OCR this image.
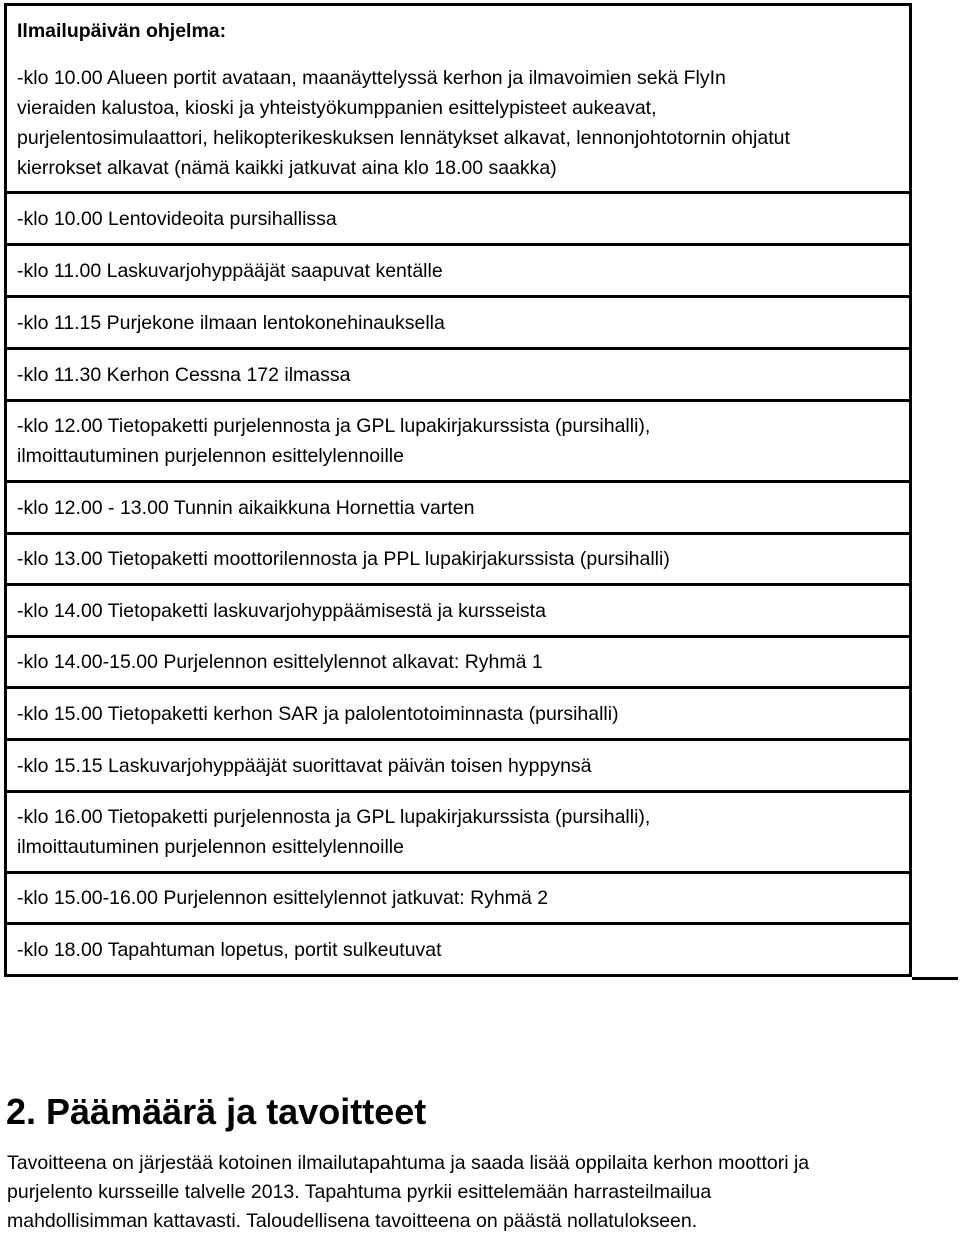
Ilmailupäivän ohjelma:
-klo 10.00 Alueen portit avataan, maanäyttelyssä kerhon ja ilmavoimien sekä FlyIn
vieraiden kalustoa, kioski ja yhteistyökumppanien esittelypisteet aukeavat,
purjelentosimulaattori, helikopterikeskuksen lennätykset alkavat, lennonjohtotornin ohjatut
kierrokset alkavat (nämä kaikki jatkuvat aina klo 18.00 saakka)
-klo 10.00 Lentovideoita pursihallissa
-klo 11.00 Laskuvarjohyppääjät saapuvat kentälle
-klo 11.15 Purjekone ilmaan lentokonehinauksella
-klo 11.30 Kerhon Cessna 172 ilmassa
-klo 12.00 Tietopaketti purjelennosta ja GPL lupakirjakurssista (pursihalli),
ilmoittautuminen purjelennon esittelylennoille
-klo 12.00 - 13.00 Tunnin aikaikkuna Hornettia varten
-klo 13.00 Tietopaketti moottorilennosta ja PPL lupakirjakurssista (pursihalli)
-klo 14.00 Tietopaketti laskuvarjohyppäämisestä ja kursseista
-klo 14.00-15.00 Purjelennon esittelylennot alkavat: Ryhmä 1
-klo 15.00 Tietopaketti kerhon SAR ja palolentotoiminnasta (pursihalli)
-klo 15.15 Laskuvarjohyppääjät suorittavat päivän toisen hyppynsä
-klo 16.00 Tietopaketti purjelennosta ja GPL lupakirjakurssista (pursihalli),
ilmoittautuminen purjelennon esittelylennoille
-klo 15.00-16.00 Purjelennon esittelylennot jatkuvat: Ryhmä 2
-klo 18.00 Tapahtuman lopetus, portit sulkeutuvat
2. Päämäärä ja tavoitteet
Tavoitteena on järjestää kotoinen ilmailutapahtuma ja saada lisää oppilaita kerhon moottori ja
purjelento kursseille talvelle 2013. Tapahtuma pyrkii esittelemään harrasteilmailua
mahdollisimman kattavasti. Taloudellisena tavoitteena on päästä nollatulokseen.
